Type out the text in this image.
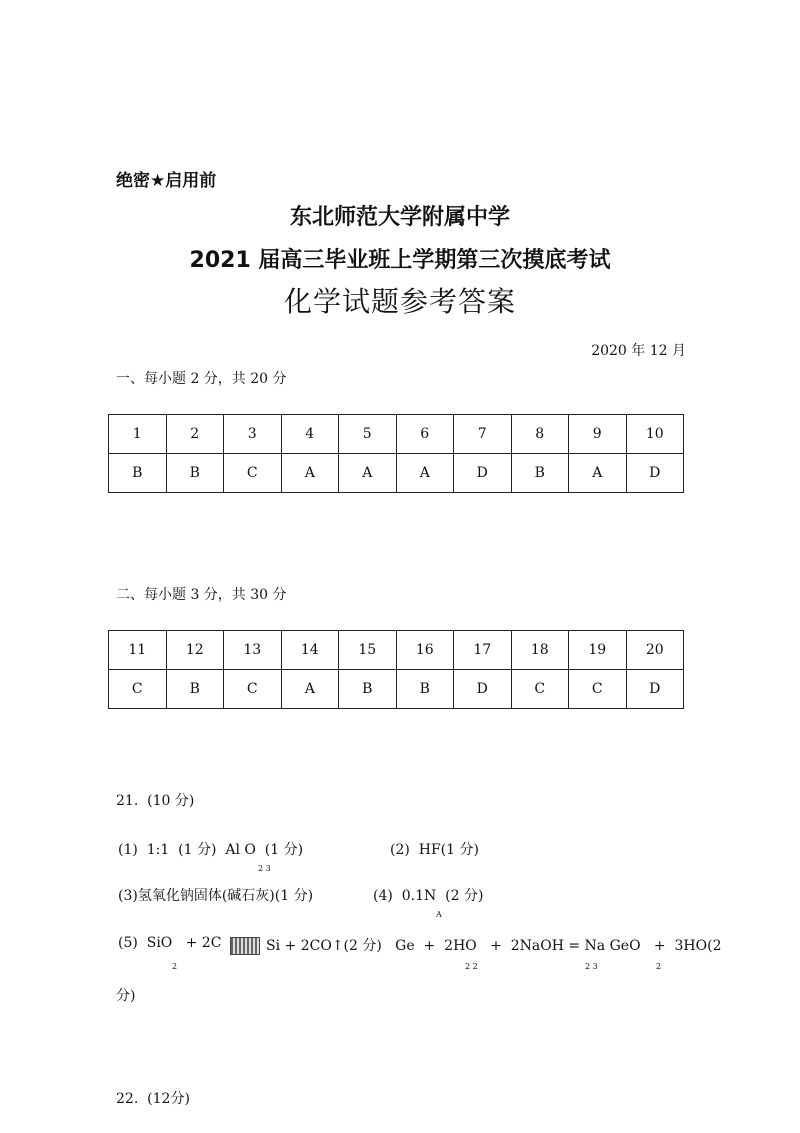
绝密★启用前
东北师范大学附属中学
2021 届高三毕业班上学期第三次摸底考试
化学试题参考答案
2020 年 12 月
一、每小题 2 分，共 20 分
1	2	3	4	5	6	7	8	9	10
B	B	C	A	A	A	D	B	A	D
二、每小题 3 分，共 30 分
11	12	13	14	15	16	17	18	19	20
C	B	C	A	B	B	D	C	C	D
21.  (10 分)
(1)  1:1  (1 分)  Al O  (1 分)
2 3
(2)  HF(1 分)
(3)氢氧化钠固体(碱石灰)(1 分)	(4)  0.1N  (2 分)
A
(5)  SiO   + 2C	Si + 2CO↑(2 分)   Ge  +  2HO   +  2NaOH = Na GeO   +  3HO(2
2	2 2	2 3	2
分)
22.  (12分)
